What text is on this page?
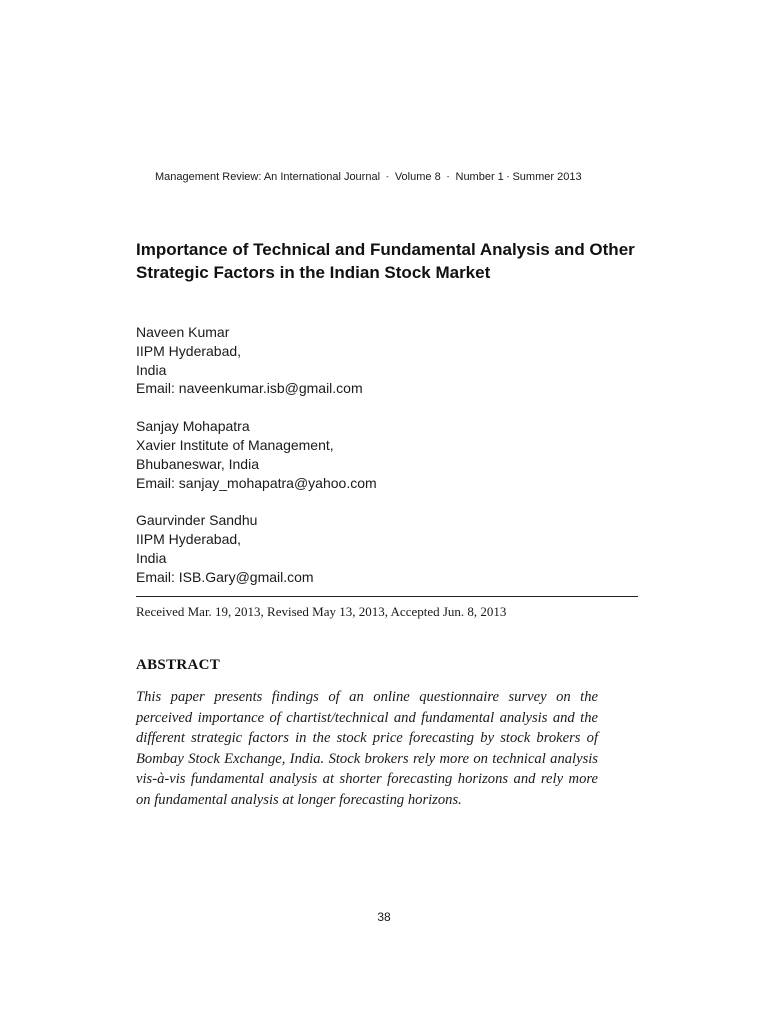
Management Review: An International Journal - Volume 8 - Number 1 - Summer 2013
Importance of Technical and Fundamental Analysis and Other Strategic Factors in the Indian Stock Market
Naveen Kumar
IIPM Hyderabad,
India
Email: naveenkumar.isb@gmail.com
Sanjay Mohapatra
Xavier Institute of Management,
Bhubaneswar, India
Email: sanjay_mohapatra@yahoo.com
Gaurvinder Sandhu
IIPM Hyderabad,
India
Email: ISB.Gary@gmail.com
Received Mar. 19, 2013, Revised May 13, 2013, Accepted Jun. 8, 2013
ABSTRACT

This paper presents findings of an online questionnaire survey on the perceived importance of chartist/technical and fundamental analysis and the different strategic factors in the stock price forecasting by stock brokers of Bombay Stock Exchange, India. Stock brokers rely more on technical analysis vis-à-vis fundamental analysis at shorter forecasting horizons and rely more on fundamental analysis at longer forecasting horizons.

38
